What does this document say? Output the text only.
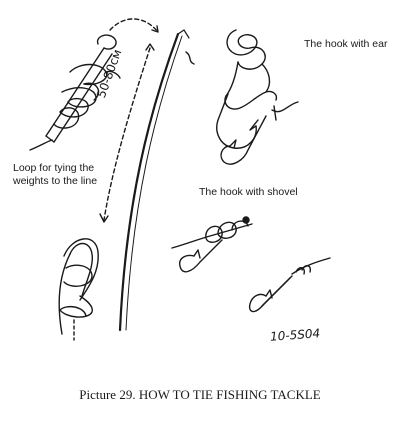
The hook with ear
Loop for tying the weights to the line
The hook with shovel
50-80см
10-5S04
Picture 29. HOW TO TIE FISHING TACKLE
